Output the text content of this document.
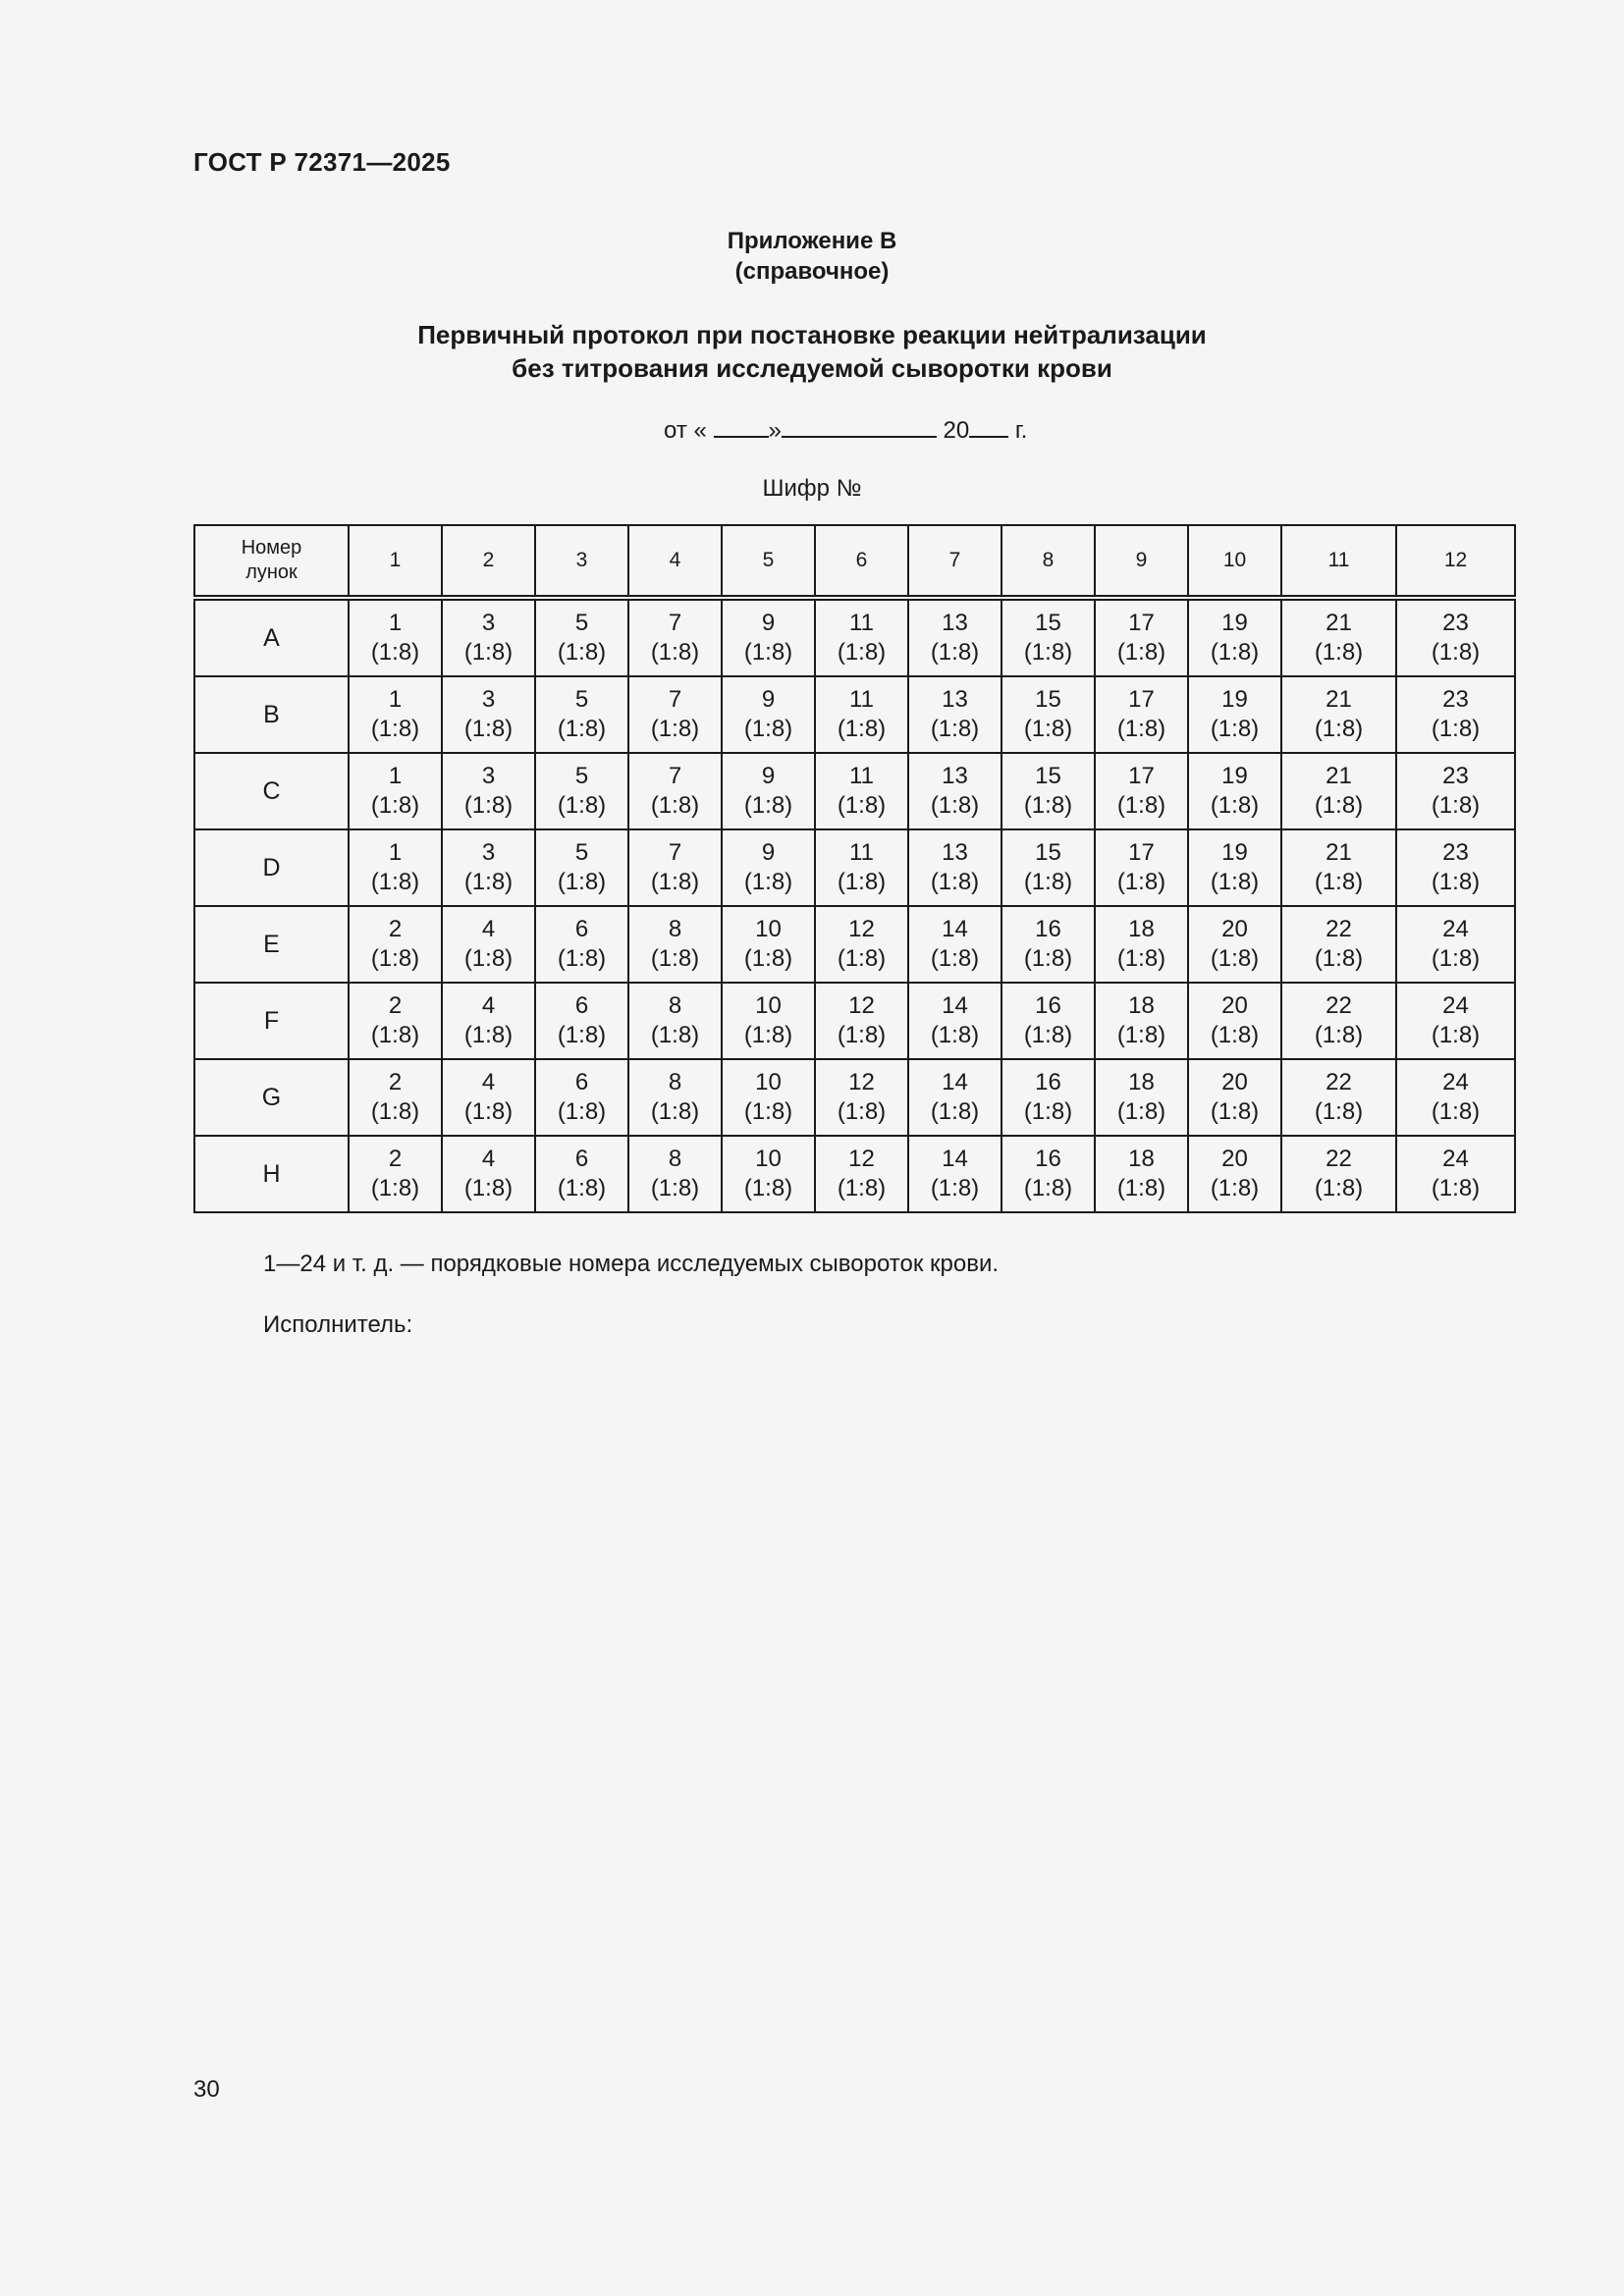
ГОСТ Р 72371—2025
Приложение В
(справочное)
Первичный протокол при постановке реакции нейтрализации
без титрования исследуемой сыворотки крови
от «	»	20 г.
Шифр №
Номер
лунок	1	2	3	4	5	6	7	8	9	10	11	12
A	1
(1:8)	3
(1:8)	5
(1:8)	7
(1:8)	9
(1:8)	11
(1:8)	13
(1:8)	15
(1:8)	17
(1:8)	19
(1:8)	21
(1:8)	23
(1:8)

B	1
(1:8)	3
(1:8)	5
(1:8)	7
(1:8)	9
(1:8)	11
(1:8)	13
(1:8)	15
(1:8)	17
(1:8)	19
(1:8)	21
(1:8)	23
(1:8)

C	1
(1:8)	3
(1:8)	5
(1:8)	7
(1:8)	9
(1:8)	11
(1:8)	13
(1:8)	15
(1:8)	17
(1:8)	19
(1:8)	21
(1:8)	23
(1:8)

D	1
(1:8)	3
(1:8)	5
(1:8)	7
(1:8)	9
(1:8)	11
(1:8)	13
(1:8)	15
(1:8)	17
(1:8)	19
(1:8)	21
(1:8)	23
(1:8)

E	2
(1:8)	4
(1:8)	6
(1:8)	8
(1:8)	10
(1:8)	12
(1:8)	14
(1:8)	16
(1:8)	18
(1:8)	20
(1:8)	22
(1:8)	24
(1:8)

F	2
(1:8)	4
(1:8)	6
(1:8)	8
(1:8)	10
(1:8)	12
(1:8)	14
(1:8)	16
(1:8)	18
(1:8)	20
(1:8)	22
(1:8)	24
(1:8)

G	2
(1:8)	4
(1:8)	6
(1:8)	8
(1:8)	10
(1:8)	12
(1:8)	14
(1:8)	16
(1:8)	18
(1:8)	20
(1:8)	22
(1:8)	24
(1:8)

H	2
(1:8)	4
(1:8)	6
(1:8)	8
(1:8)	10
(1:8)	12
(1:8)	14
(1:8)	16
(1:8)	18
(1:8)	20
(1:8)	22
(1:8)	24
(1:8)
1—24 и т. д. — порядковые номера исследуемых сывороток крови.
Исполнитель:
30
